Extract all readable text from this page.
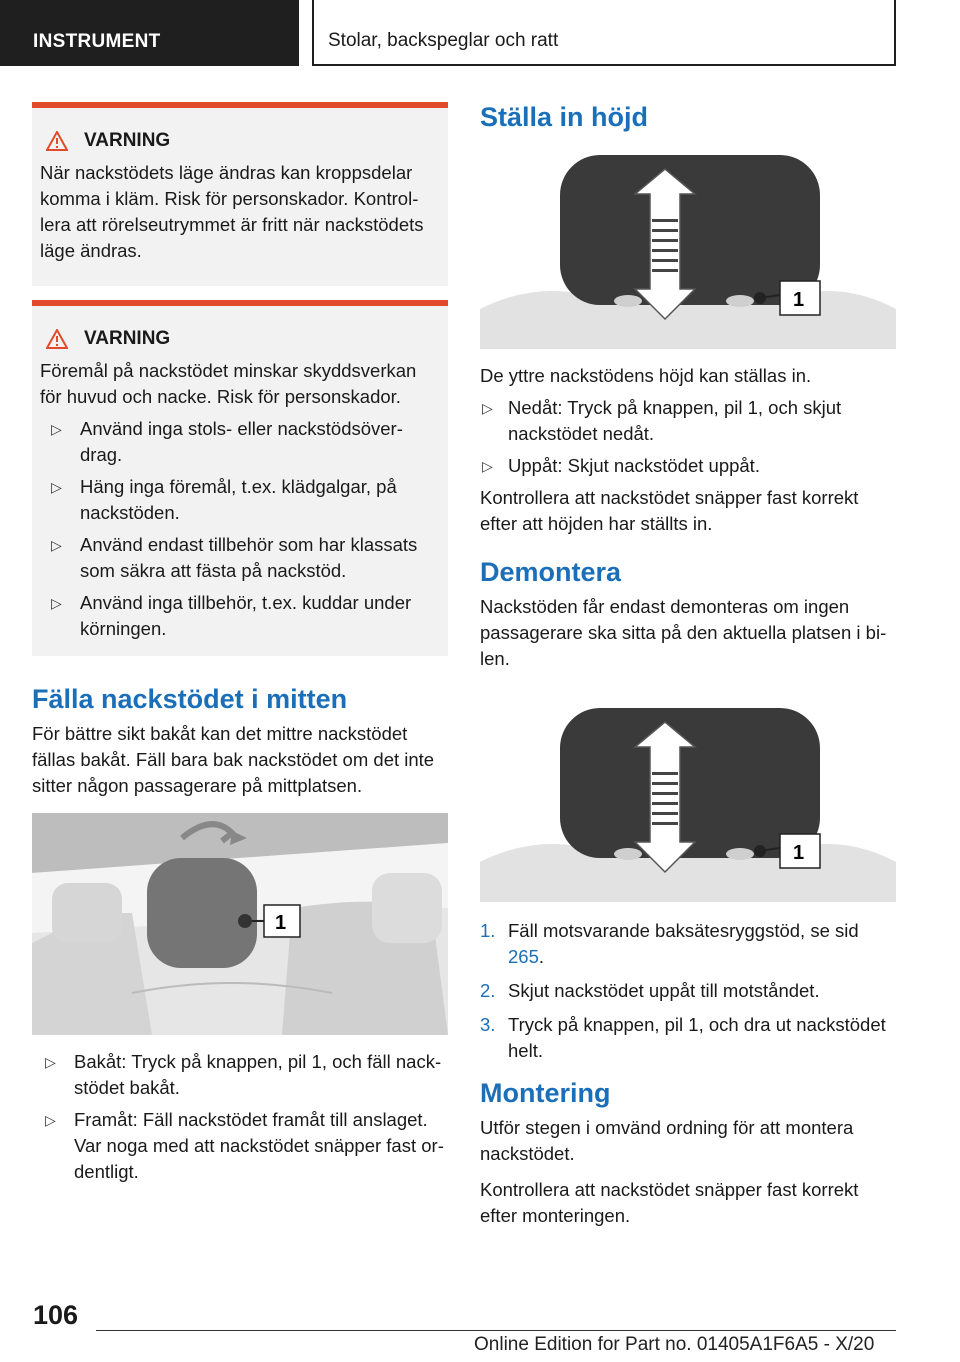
INSTRUMENT	Stolar, backspeglar och ratt
VARNING

När nackstödets läge ändras kan kroppsdelar komma i kläm. Risk för personskador. Kontrollera att rörelseutrymmet är fritt när nackstödets läge ändras.

VARNING

Föremål på nackstödet minskar skyddsverkan för huvud och nacke. Risk för personskador.

▷ Använd inga stols- eller nackstödsöverdrag.
▷ Häng inga föremål, t.ex. klädgalgar, på nackstöden.
▷ Använd endast tillbehör som har klassats som säkra att fästa på nackstöd.
▷ Använd inga tillbehör, t.ex. kuddar under körningen.
Fälla nackstödet i mitten

För bättre sikt bakåt kan det mittre nackstödet fällas bakåt. Fäll bara bak nackstödet om det inte sitter någon passagerare på mittplatsen.

1
▷ Bakåt: Tryck på knappen, pil 1, och fäll nackstödet bakåt.
▷ Framåt: Fäll nackstödet framåt till anslaget. Var noga med att nackstödet snäpper fast ordentligt.
Ställa in höjd
1

De yttre nackstödens höjd kan ställas in.

▷ Nedåt: Tryck på knappen, pil 1, och skjut nackstödet nedåt.
▷ Uppåt: Skjut nackstödet uppåt.

Kontrollera att nackstödet snäpper fast korrekt efter att höjden har ställts in.

Demontera

Nackstöden får endast demonteras om ingen passagerare ska sitta på den aktuella platsen i bilen.

1
1. Fäll motsvarande baksätesryggstöd, se sid 265.
2. Skjut nackstödet uppåt till motståndet.
3. Tryck på knappen, pil 1, och dra ut nackstödet helt.
Montering

Utför stegen i omvänd ordning för att montera nackstödet.

Kontrollera att nackstödet snäpper fast korrekt efter monteringen.

106
Online Edition for Part no. 01405A1F6A5 - X/20
